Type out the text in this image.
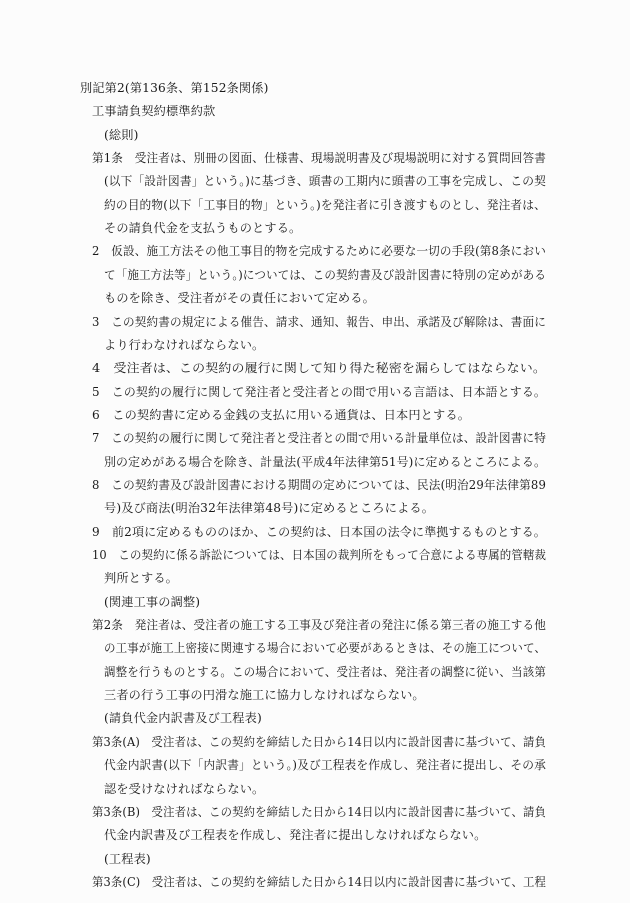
別記第2(第136条、第152条関係)
工事請負契約標準約款
(総則)
第1条　受注者は、別冊の図面、仕様書、現場説明書及び現場説明に対する質問回答書
(以下「設計図書」という。)に基づき、頭書の工期内に頭書の工事を完成し、この契
約の目的物(以下「工事目的物」という。)を発注者に引き渡すものとし、発注者は、
その請負代金を支払うものとする。
2　仮設、施工方法その他工事目的物を完成するために必要な一切の手段(第8条におい
て「施工方法等」という。)については、この契約書及び設計図書に特別の定めがある
ものを除き、受注者がその責任において定める。
3　この契約書の規定による催告、請求、通知、報告、申出、承諾及び解除は、書面に
より行わなければならない。
4　受注者は、この契約の履行に関して知り得た秘密を漏らしてはならない。
5　この契約の履行に関して発注者と受注者との間で用いる言語は、日本語とする。
6　この契約書に定める金銭の支払に用いる通貨は、日本円とする。
7　この契約の履行に関して発注者と受注者との間で用いる計量単位は、設計図書に特
別の定めがある場合を除き、計量法(平成4年法律第51号)に定めるところによる。
8　この契約書及び設計図書における期間の定めについては、民法(明治29年法律第89
号)及び商法(明治32年法律第48号)に定めるところによる。
9　前2項に定めるもののほか、この契約は、日本国の法令に準拠するものとする。
10　この契約に係る訴訟については、日本国の裁判所をもって合意による専属的管轄裁
判所とする。
(関連工事の調整)
第2条　発注者は、受注者の施工する工事及び発注者の発注に係る第三者の施工する他
の工事が施工上密接に関連する場合において必要があるときは、その施工について、
調整を行うものとする。この場合において、受注者は、発注者の調整に従い、当該第
三者の行う工事の円滑な施工に協力しなければならない。
(請負代金内訳書及び工程表)
第3条(A)　受注者は、この契約を締結した日から14日以内に設計図書に基づいて、請負
代金内訳書(以下「内訳書」という。)及び工程表を作成し、発注者に提出し、その承
認を受けなければならない。
第3条(B)　受注者は、この契約を締結した日から14日以内に設計図書に基づいて、請負
代金内訳書及び工程表を作成し、発注者に提出しなければならない。
(工程表)
第3条(C)　受注者は、この契約を締結した日から14日以内に設計図書に基づいて、工程
